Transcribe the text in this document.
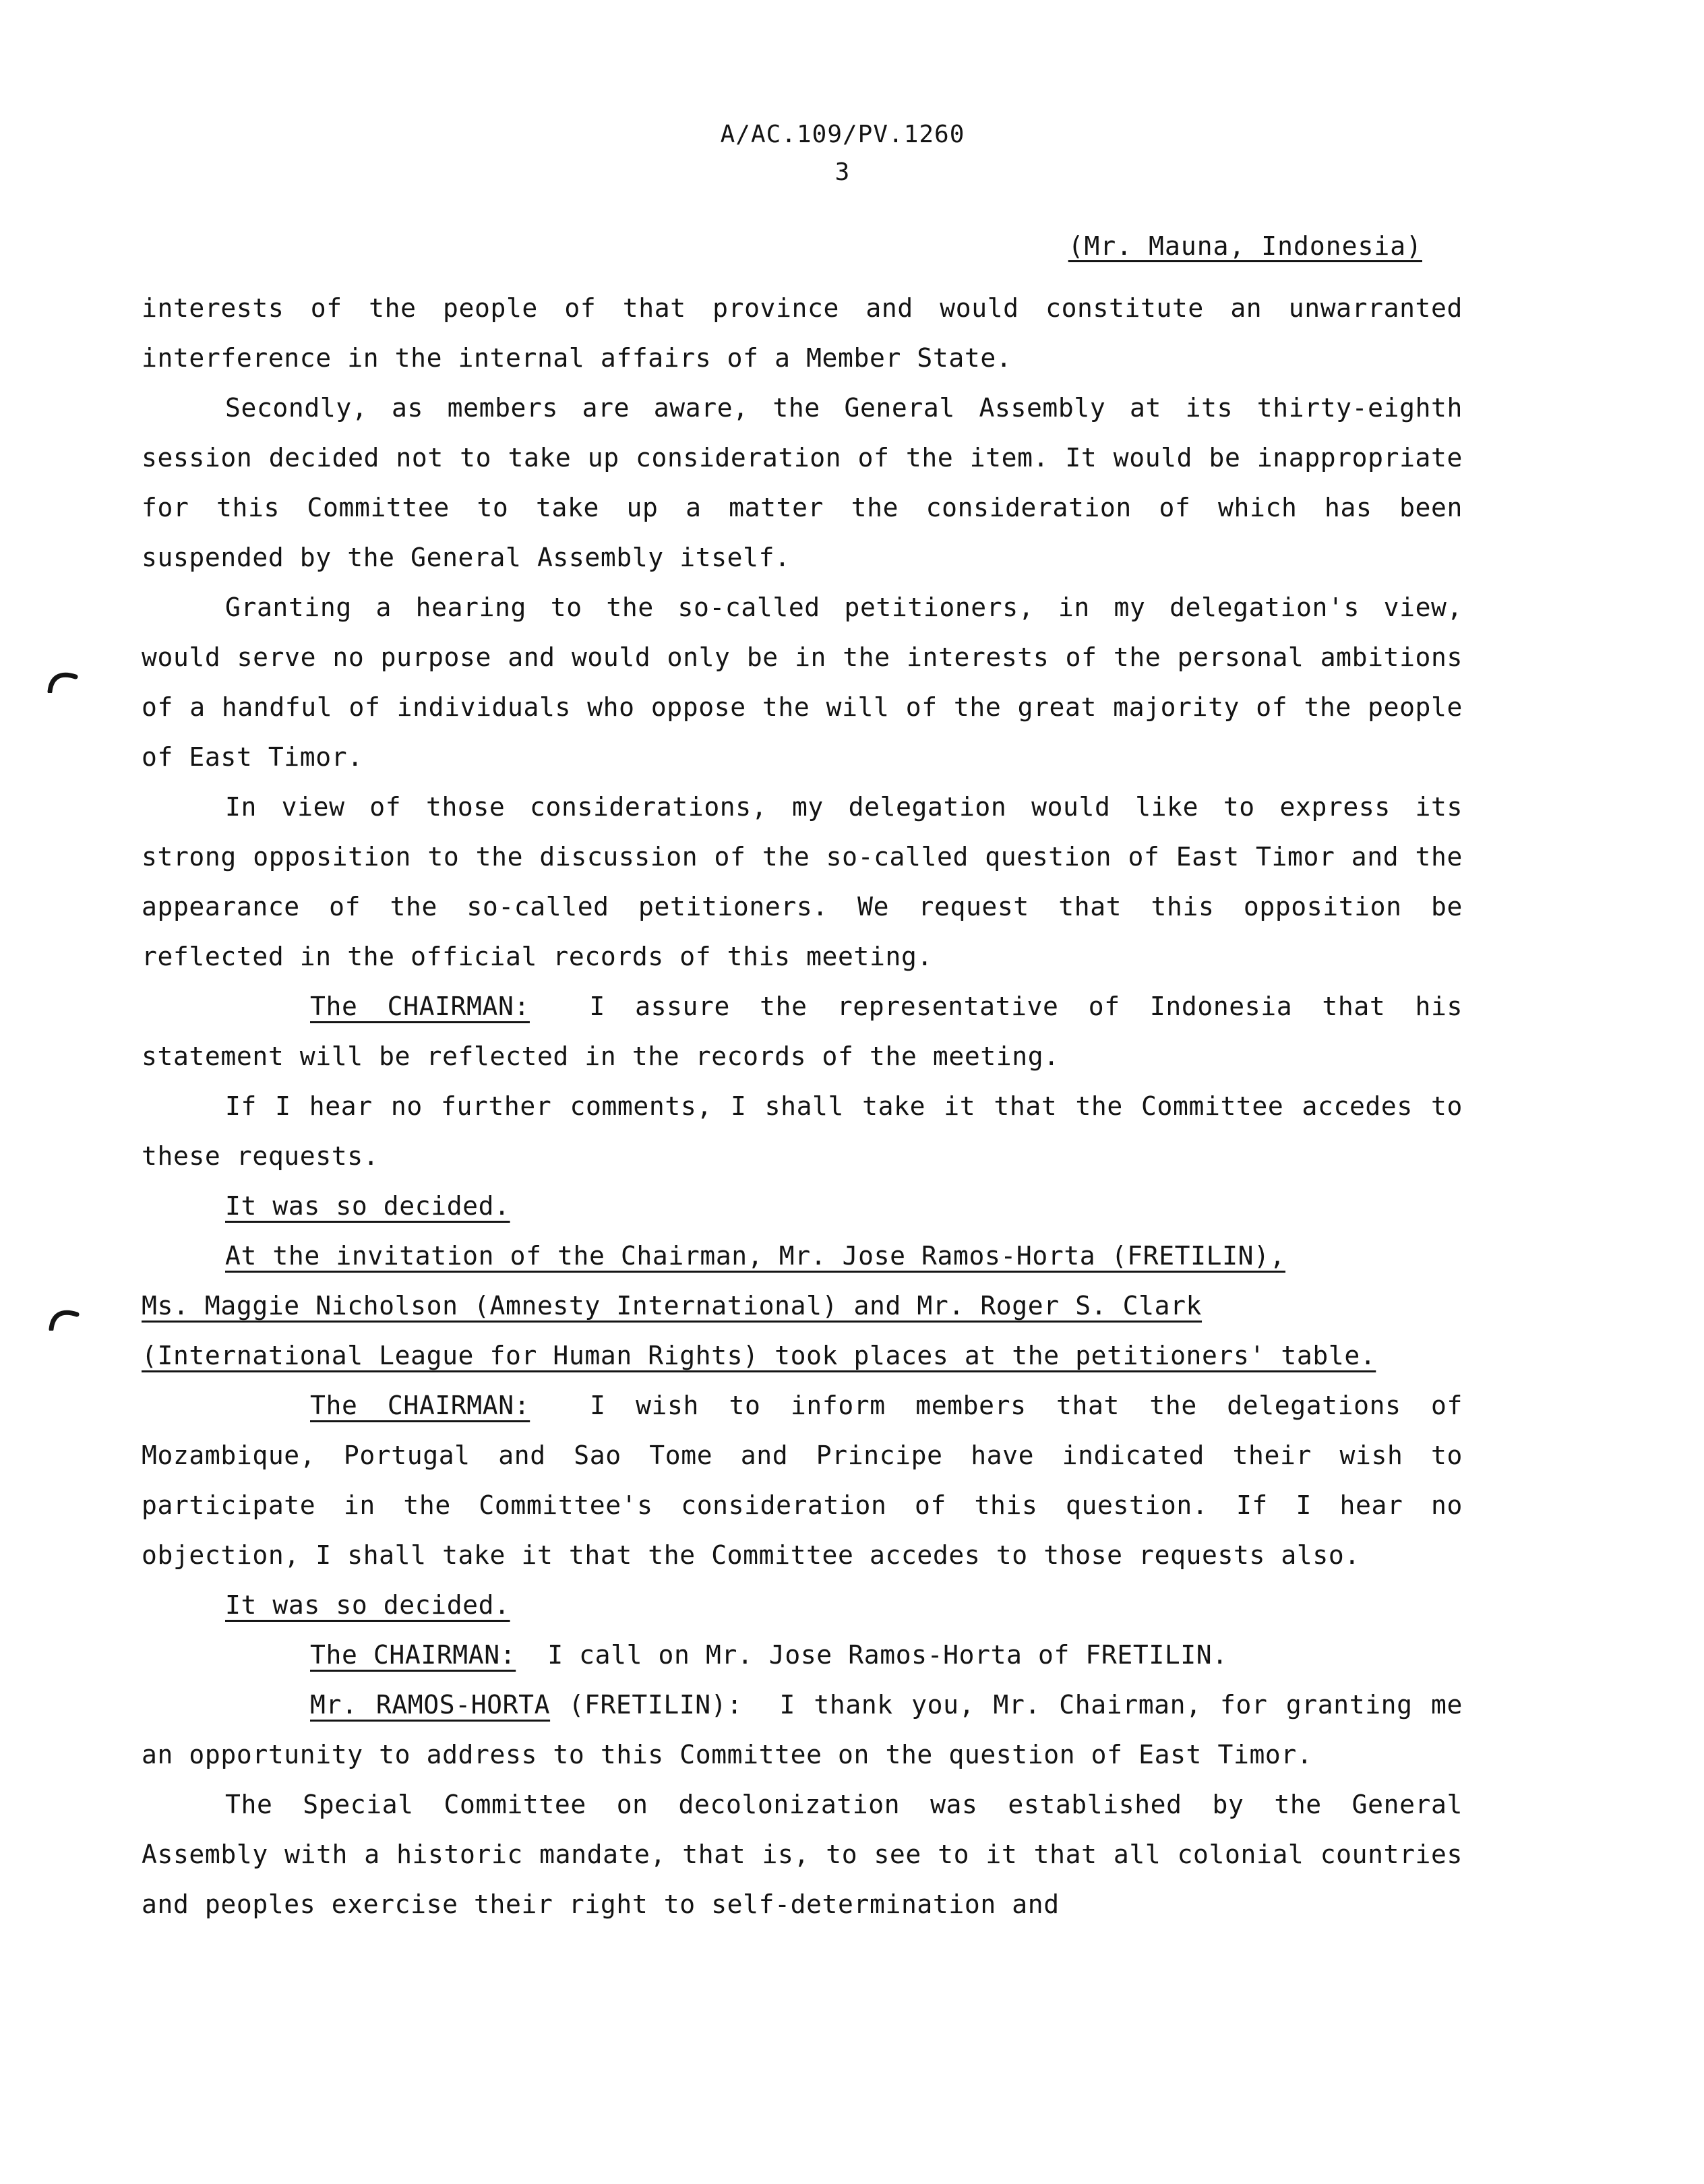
A/AC.109/PV.1260
3
(Mr. Mauna, Indonesia)

interests of the people of that province and would constitute an unwarranted interference in the internal affairs of a Member State.

Secondly, as members are aware, the General Assembly at its thirty-eighth session decided not to take up consideration of the item. It would be inappropriate for this Committee to take up a matter the consideration of which has been suspended by the General Assembly itself.

Granting a hearing to the so-called petitioners, in my delegation's view, would serve no purpose and would only be in the interests of the personal ambitions of a handful of individuals who oppose the will of the great majority of the people of East Timor.

In view of those considerations, my delegation would like to express its strong opposition to the discussion of the so-called question of East Timor and the appearance of the so-called petitioners. We request that this opposition be reflected in the official records of this meeting.

The CHAIRMAN: I assure the representative of Indonesia that his statement will be reflected in the records of the meeting.

If I hear no further comments, I shall take it that the Committee accedes to these requests.

It was so decided.

At the invitation of the Chairman, Mr. Jose Ramos-Horta (FRETILIN),

Ms. Maggie Nicholson (Amnesty International) and Mr. Roger S. Clark

(International League for Human Rights) took places at the petitioners' table.

The CHAIRMAN: I wish to inform members that the delegations of Mozambique, Portugal and Sao Tome and Principe have indicated their wish to participate in the Committee's consideration of this question. If I hear no objection, I shall take it that the Committee accedes to those requests also.

It was so decided.

The CHAIRMAN: I call on Mr. Jose Ramos-Horta of FRETILIN.

Mr. RAMOS-HORTA (FRETILIN): I thank you, Mr. Chairman, for granting me an opportunity to address to this Committee on the question of East Timor.

The Special Committee on decolonization was established by the General Assembly with a historic mandate, that is, to see to it that all colonial countries and peoples exercise their right to self-determination and
